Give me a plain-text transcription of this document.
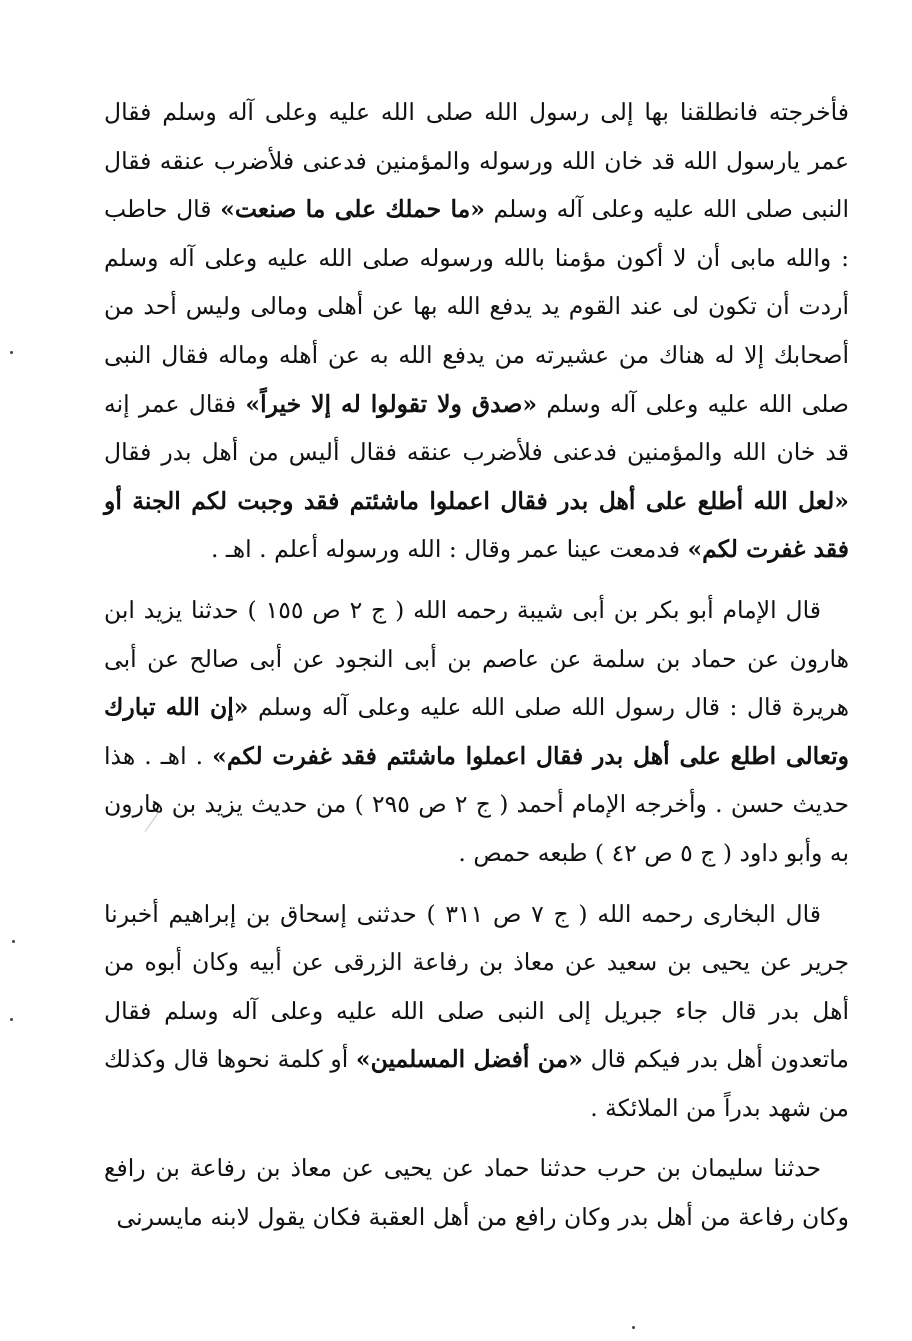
فأخرجته فانطلقنا بها إلى رسول الله صلى الله عليه وعلى آله وسلم فقال عمر يارسول الله قد خان الله ورسوله والمؤمنين فدعنى فلأضرب عنقه فقال النبى صلى الله عليه وعلى آله وسلم «ما حملك على ما صنعت» قال حاطب : والله مابى أن لا أكون مؤمنا بالله ورسوله صلى الله عليه وعلى آله وسلم أردت أن تكون لى عند القوم يد يدفع الله بها عن أهلى ومالى وليس أحد من أصحابك إلا له هناك من عشيرته من يدفع الله به عن أهله وماله فقال النبى صلى الله عليه وعلى آله وسلم «صدق ولا تقولوا له إلا خيراً» فقال عمر إنه قد خان الله والمؤمنين فدعنى فلأضرب عنقه فقال أليس من أهل بدر فقال «لعل الله أطلع على أهل بدر فقال اعملوا ماشئتم فقد وجبت لكم الجنة أو فقد غفرت لكم» فدمعت عينا عمر وقال : الله ورسوله أعلم . اهـ .

قال الإمام أبو بكر بن أبى شيبة رحمه الله ( ج ٢ ص ١٥٥ ) حدثنا يزيد ابن هارون عن حماد بن سلمة عن عاصم بن أبى النجود عن أبى صالح عن أبى هريرة قال : قال رسول الله صلى الله عليه وعلى آله وسلم «إن الله تبارك وتعالى اطلع على أهل بدر فقال اعملوا ماشئتم فقد غفرت لكم» . اهـ . هذا حديث حسن . وأخرجه الإمام أحمد ( ج ٢ ص ٢٩٥ ) من حديث يزيد بن هارون به وأبو داود ( ج ٥ ص ٤٢ ) طبعه حمص .

قال البخارى رحمه الله ( ج ٧ ص ٣١١ ) حدثنى إسحاق بن إبراهيم أخبرنا جرير عن يحيى بن سعيد عن معاذ بن رفاعة الزرقى عن أبيه وكان أبوه من أهل بدر قال جاء جبريل إلى النبى صلى الله عليه وعلى آله وسلم فقال ماتعدون أهل بدر فيكم قال «من أفضل المسلمين» أو كلمة نحوها قال وكذلك من شهد بدراً من الملائكة .

حدثنا سليمان بن حرب حدثنا حماد عن يحيى عن معاذ بن رفاعة بن رافع وكان رفاعة من أهل بدر وكان رافع من أهل العقبة فكان يقول لابنه مايسرنى
